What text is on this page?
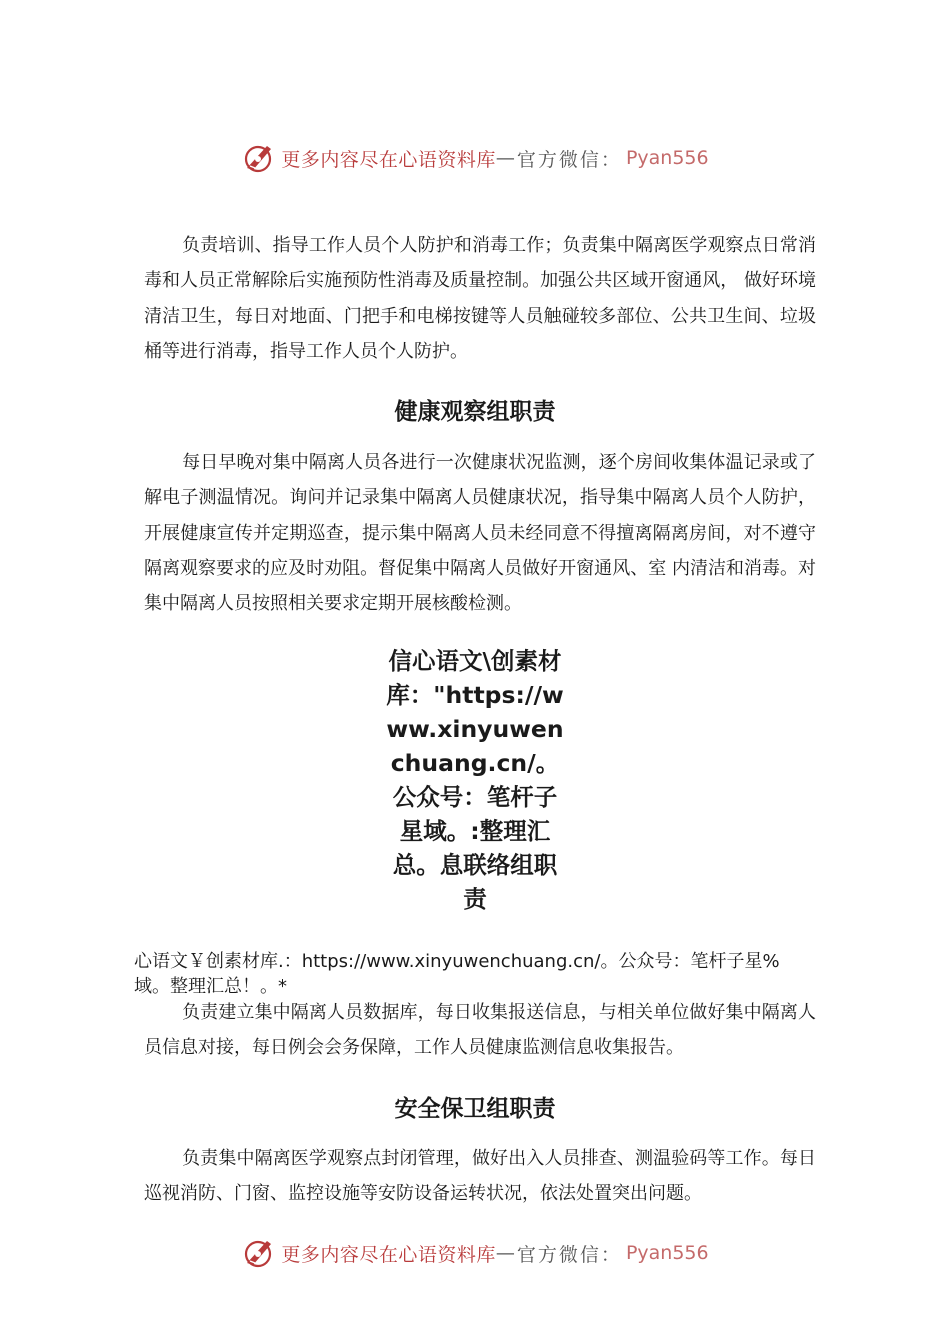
更多内容尽在心语资料库 — 官方微信： Pyan556

负责培训、指导工作人员个人防护和消毒工作；负责集中隔离医学观察点日常消毒和人员正常解除后实施预防性消毒及质量控制。加强公共区域开窗通风， 做好环境清洁卫生，每日对地面、门把手和电梯按键等人员触碰较多部位、公共卫生间、垃圾桶等进行消毒，指导工作人员个人防护。

健康观察组职责

每日早晚对集中隔离人员各进行一次健康状况监测，逐个房间收集体温记录或了解电子测温情况。询问并记录集中隔离人员健康状况，指导集中隔离人员个人防护，开展健康宣传并定期巡查，提示集中隔离人员未经同意不得擅离隔离房间，对不遵守隔离观察要求的应及时劝阻。督促集中隔离人员做好开窗通风、室 内清洁和消毒。对集中隔离人员按照相关要求定期开展核酸检测。

信心语文\创素材库："https://www.xinyuwenchuang.cn/。公众号：笔杆子星域。:整理汇总。息联络组职责

心语文￥创素材库.：https://www.xinyuwenchuang.cn/。公众号：笔杆子星%

域。整理汇总！。*

负责建立集中隔离人员数据库，每日收集报送信息，与相关单位做好集中隔离人员信息对接，每日例会会务保障，工作人员健康监测信息收集报告。

安全保卫组职责

负责集中隔离医学观察点封闭管理，做好出入人员排查、测温验码等工作。每日巡视消防、门窗、监控设施等安防设备运转状况，依法处置突出问题。

更多内容尽在心语资料库 — 官方微信： Pyan556
